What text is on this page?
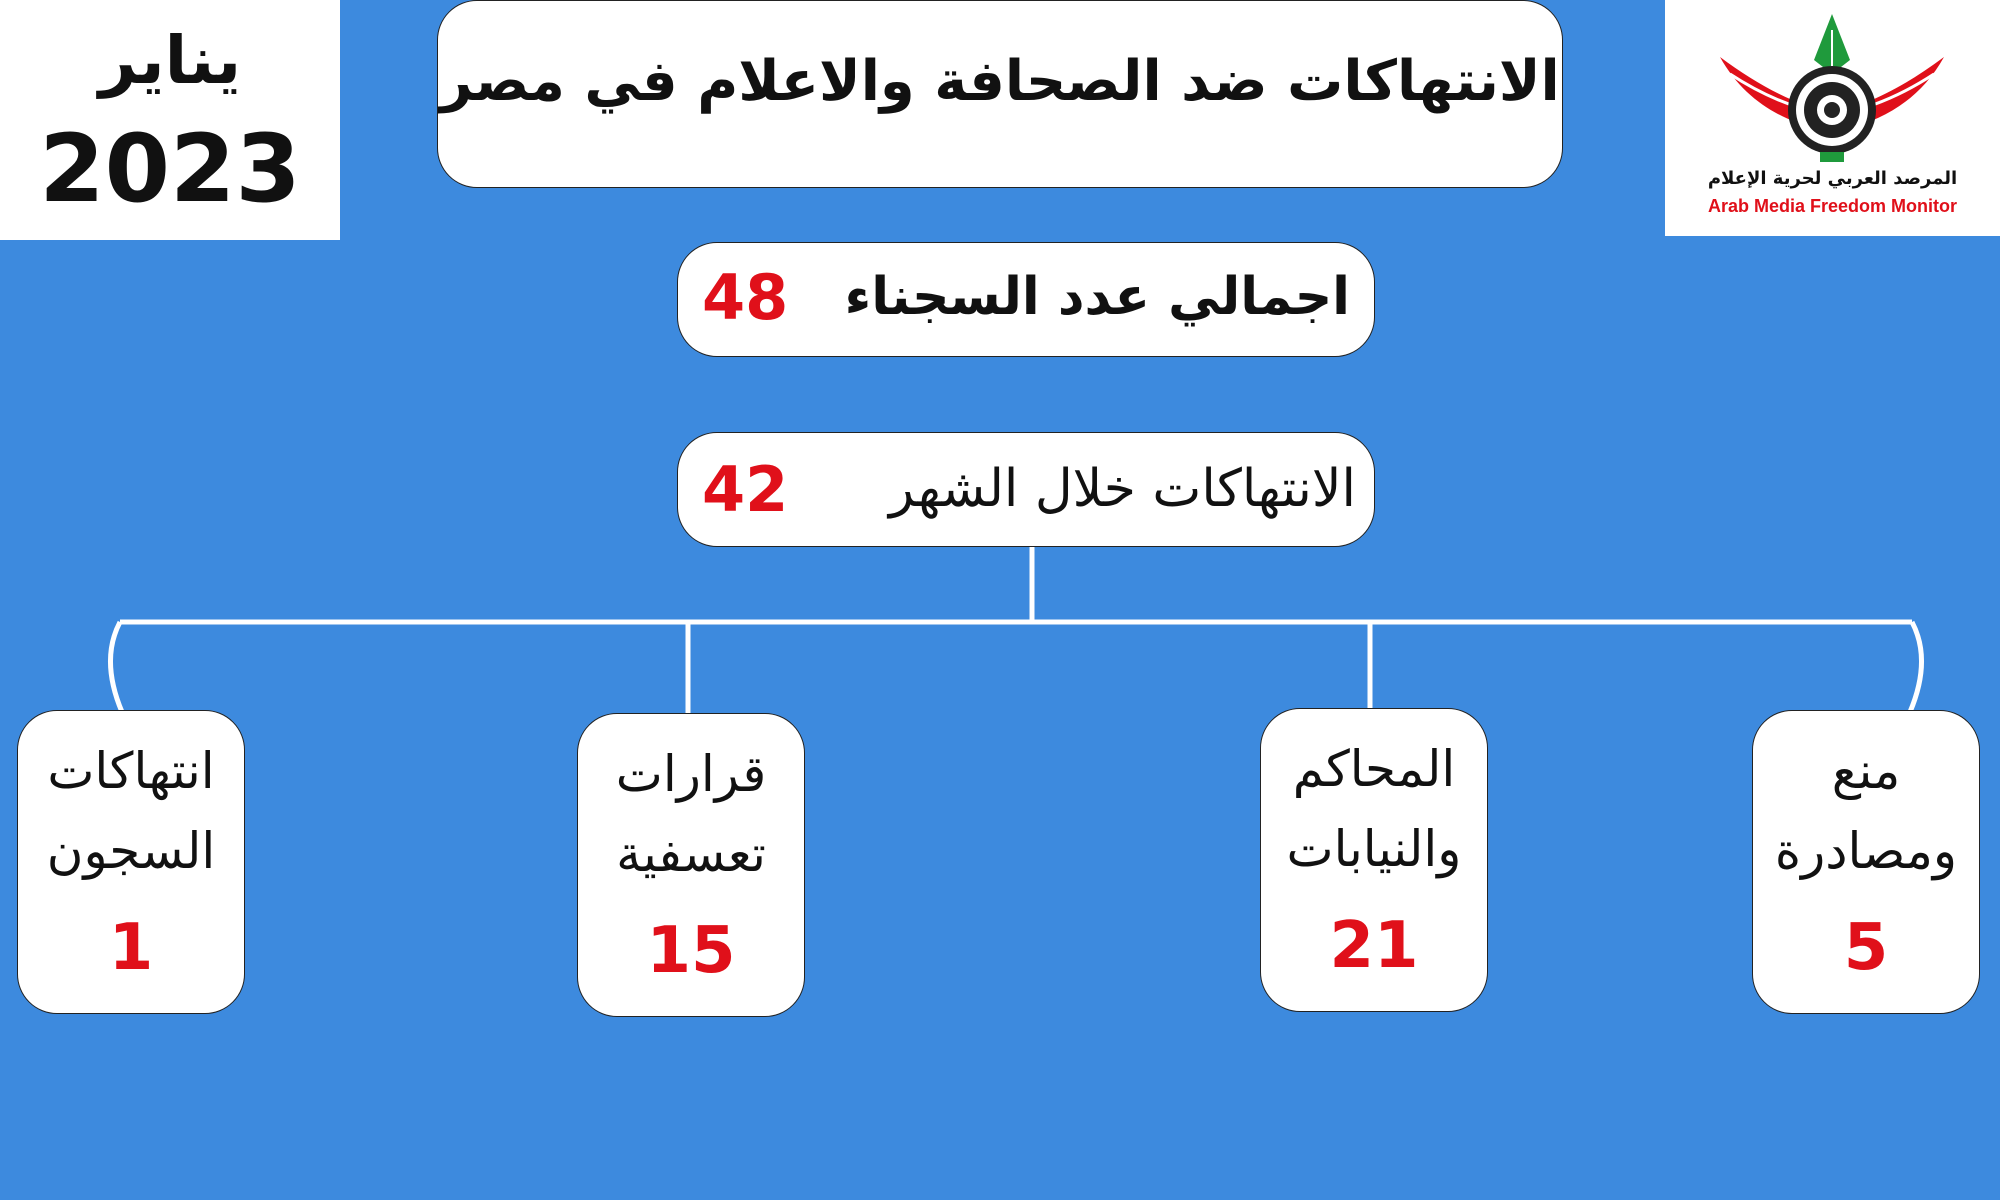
يناير
2023	المرصد العربي لحرية الإعلام
Arab Media Freedom Monitor
الانتهاكات ضد الصحافة والاعلام في مصر
اجمالي عدد السجناء
48
الانتهاكات خلال الشهر
42
منع
ومصادرة
5
المحاكم
والنيابات
21
قرارات
تعسفية
15
انتهاكات
السجون
1
